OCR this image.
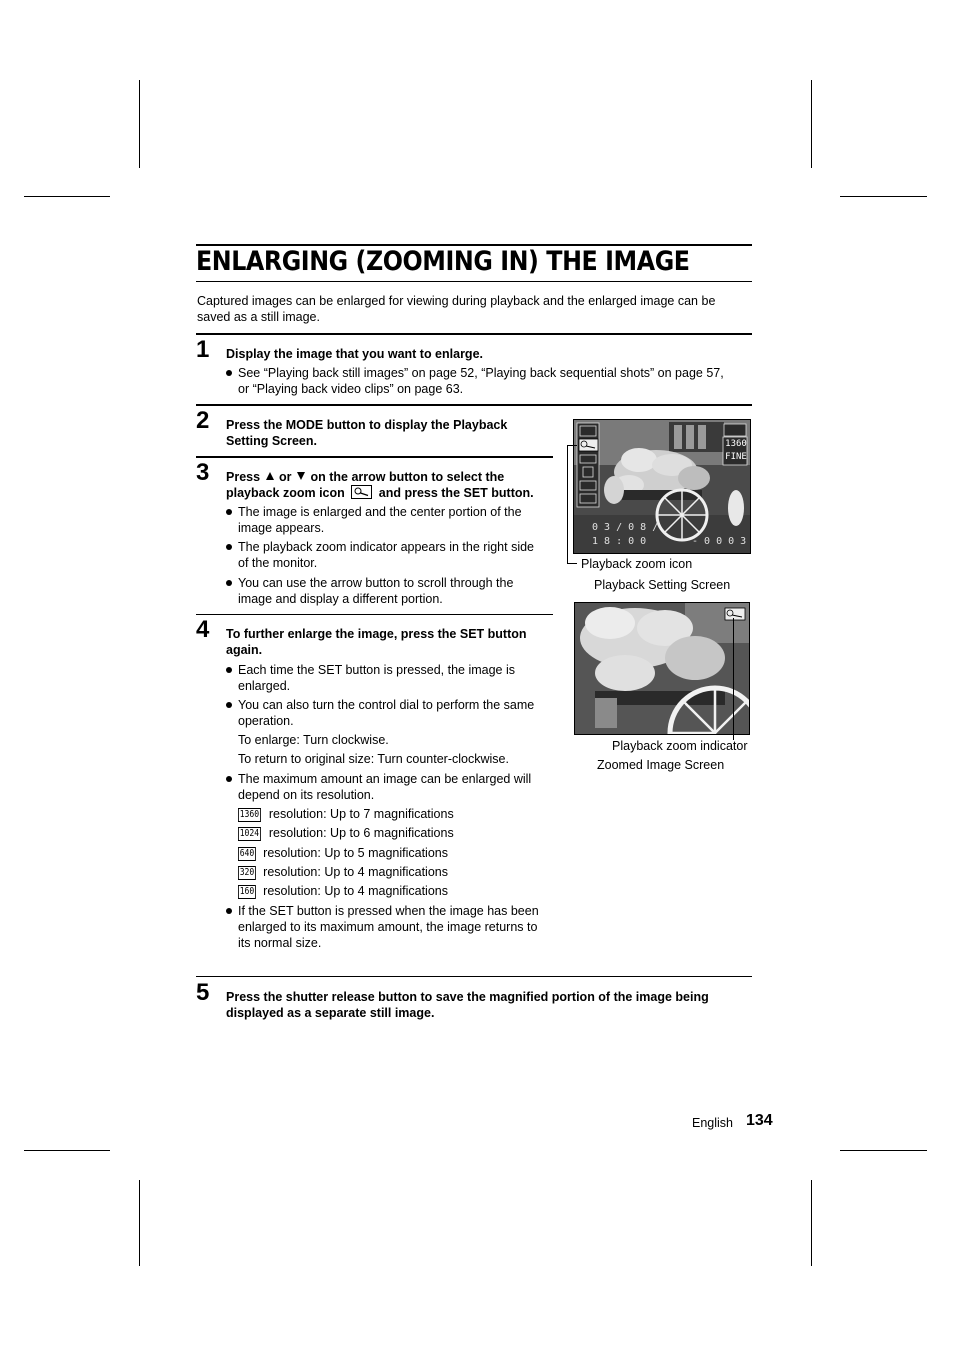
ENLARGING (ZOOMING IN) THE IMAGE
Captured images can be enlarged for viewing during playback and the enlarged image can be saved as a still image.
1 Display the image that you want to enlarge.
See “Playing back still images” on page 52, “Playing back sequential shots” on page 57,
or “Playing back video clips” on page 63.
2 Press the MODE button to display the Playback
Setting Screen.
3 Press or on the arrow button to select the
playback zoom icon	and press the SET button.
The image is enlarged and the center portion of the
image appears.
The playback zoom indicator appears in the right side
of the monitor.
You can use the arrow button to scroll through the
image and display a different portion.
4 To further enlarge the image, press the SET button
again.
Each time the SET button is pressed, the image is
enlarged.
You can also turn the control dial to perform the same
operation.
To enlarge: Turn clockwise.
To return to original size: Turn counter-clockwise.
The maximum amount an image can be enlarged will
depend on its resolution.
1360 resolution: Up to 7 magnifications
1024 resolution: Up to 6 magnifications
640 resolution: Up to 5 magnifications
320 resolution: Up to 4 magnifications
160 resolution: Up to 4 magnifications
If the SET button is pressed when the image has been
enlarged to its maximum amount, the image returns to
its normal size.
5 Press the shutter release button to save the magnified portion of the image being
displayed as a separate still image.
1360
FINE
0 3 / 0 8 /
1 8 : 0 0	- 0 0 0 3
Playback zoom icon
Playback Setting Screen
Playback zoom indicator
Zoomed Image Screen
English 134
